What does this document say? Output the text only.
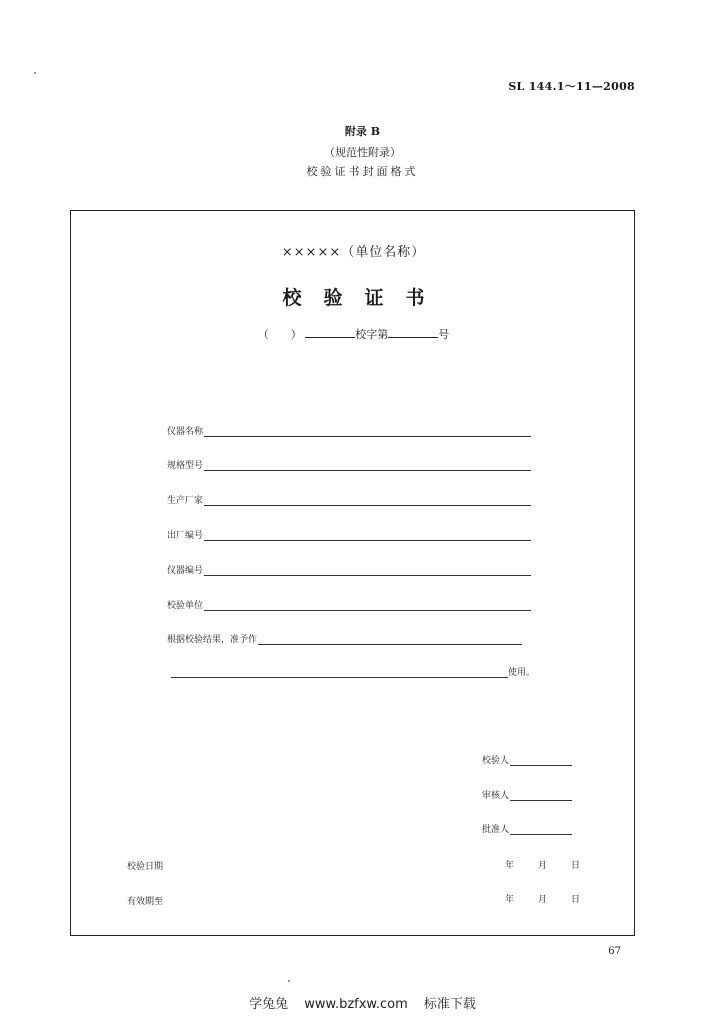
SL 144.1～11—2008
附录 B
（规范性附录）
校验证书封面格式
×××××（单位名称）
校验证书
（　　）	校字第	号
仪器名称
规格型号
生产厂家
出厂编号
仪器编号
校验单位
根据校验结果，准予作
使用。
校验人
审核人
批准人
校验日期	年	月	日
有效期至	年	月	日
67
学兔兔 www.bzfxw.com 标准下载
